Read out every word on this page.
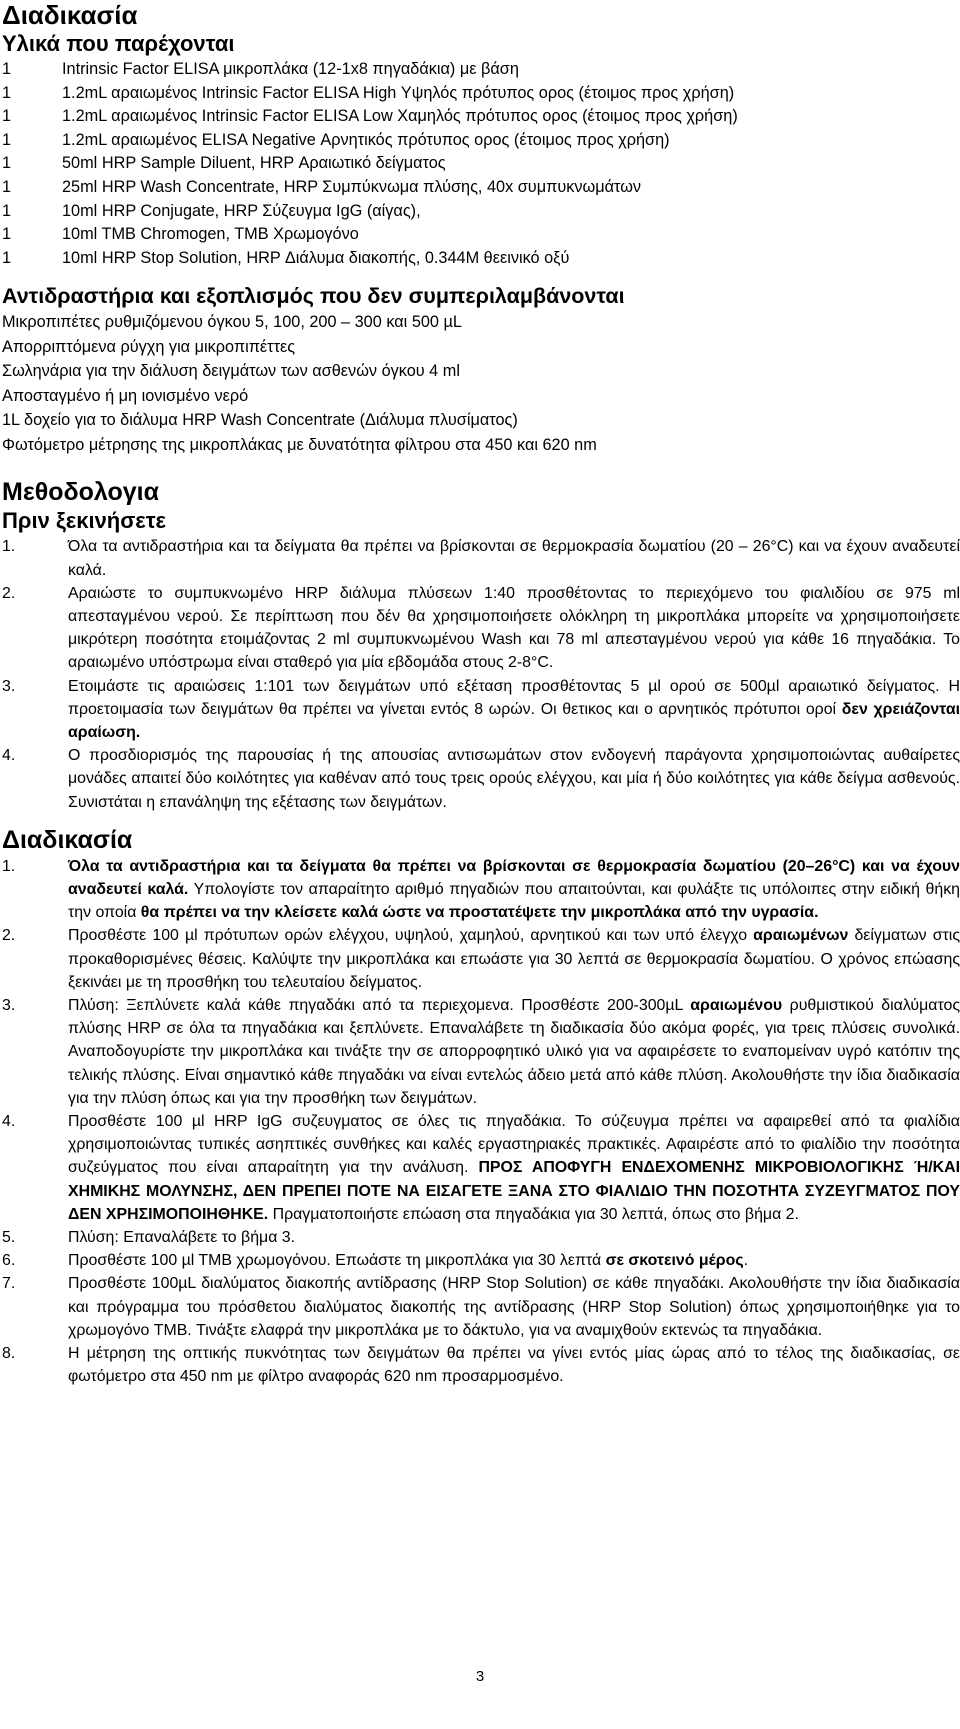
Διαδικασία
Υλικά που παρέχονται
1	Intrinsic Factor ELISA μικροπλάκα (12-1x8 πηγαδάκια) με βάση
1	1.2mL αραιωμένος Intrinsic Factor ELISA High Υψηλός πρότυπος ορος (έτοιμος προς χρήση)
1	1.2mL αραιωμένος Intrinsic Factor ELISA Low Χαμηλός πρότυπος ορος (έτοιμος προς χρήση)
1	1.2mL αραιωμένος ELISA Negative Αρνητικός πρότυπος ορος (έτοιμος προς χρήση)
1	50ml HRP Sample Diluent, HRP Αραιωτικό δείγματος
1	25ml HRP Wash Concentrate, HRP Συμπύκνωμα πλύσης, 40x συμπυκνωμάτων
1	10ml HRP Conjugate, HRP Σύζευγμα IgG (αίγας),
1	10ml TMB Chromogen, TMB Χρωμογόνο
1	10ml HRP Stop Solution, HRP Διάλυμα διακοπής, 0.344M θεεινικό οξύ
Αντιδραστήρια και εξοπλισμός που δεν συμπεριλαμβάνονται
Μικροπιπέτες ρυθμιζόμενου όγκου 5, 100, 200 – 300 και 500 µL
Απορριπτόμενα ρύγχη για μικροπιπέττες
Σωληνάρια για την διάλυση δειγμάτων των ασθενών όγκου 4 ml
Αποσταγμένο ή μη ιονισμένο νερό
1L δοχείο για το διάλυμα HRP Wash Concentrate (Διάλυμα πλυσίματος)
Φωτόμετρο μέτρησης της μικροπλάκας με δυνατότητα φίλτρου στα 450 και 620 nm
Μεθοδολογια
Πριν ξεκινήσετε
1.	Όλα τα αντιδραστήρια και τα δείγματα θα πρέπει να βρίσκονται σε θερμοκρασία δωματίου (20 – 26°C) και να έχουν αναδευτεί καλά.
2.	Αραιώστε το συμπυκνωμένο HRP διάλυμα πλύσεων 1:40 προσθέτοντας το περιεχόμενο του φιαλιδίου σε 975 ml απεσταγμένου νερού. Σε περίπτωση που δέν θα χρησιμοποιήσετε ολόκληρη τη μικροπλάκα μπορείτε να χρησιμοποιήσετε μικρότερη ποσότητα ετοιμάζοντας 2 ml συμπυκνωμένου Wash και 78 ml απεσταγμένου νερού για κάθε 16 πηγαδάκια. Το αραιωμένο υπόστρωμα είναι σταθερό για μία εβδομάδα στους 2-8°C.
3.	Ετοιμάστε τις αραιώσεις 1:101 των δειγμάτων υπό εξέταση προσθέτοντας 5 µl ορού σε 500µl αραιωτικό δείγματος. Η προετοιμασία των δειγμάτων θα πρέπει να γίνεται εντός 8 ωρών. Οι θετικος και ο αρνητικός πρότυποι οροί δεν χρειάζονται αραίωση.
4.	Ο προσδιορισμός της παρουσίας ή της απουσίας αντισωμάτων στον ενδογενή παράγοντα χρησιμοποιώντας αυθαίρετες μονάδες απαιτεί δύο κοιλότητες για καθέναν από τους τρεις ορούς ελέγχου, και μία ή δύο κοιλότητες για κάθε δείγμα ασθενούς. Συνιστάται η επανάληψη της εξέτασης των δειγμάτων.
Διαδικασία
1.	Όλα τα αντιδραστήρια και τα δείγματα θα πρέπει να βρίσκονται σε θερμοκρασία δωματίου (20–26°C) και να έχουν αναδευτεί καλά. Υπολογίστε τον απαραίτητο αριθμό πηγαδιών που απαιτούνται, και φυλάξτε τις υπόλοιπες στην ειδική θήκη την οποία θα πρέπει να την κλείσετε καλά ώστε να προστατέψετε την μικροπλάκα από την υγρασία.
2.	Προσθέστε 100 µl πρότυπων ορών ελέγχου, υψηλού, χαμηλού, αρνητικού και των υπό έλεγχο αραιωμένων δείγματων στις προκαθορισμένες θέσεις. Καλύψτε την μικροπλάκα και επωάστε για 30 λεπτά σε θερμοκρασία δωματίου. Ο χρόνος επώασης ξεκινάει με τη προσθήκη του τελευταίου δείγματος.
3.	Πλύση: Ξεπλύνετε καλά κάθε πηγαδάκι από τα περιεχομενα. Προσθέστε 200-300µL αραιωμένου ρυθμιστικού διαλύματος πλύσης HRP σε όλα τα πηγαδάκια και ξεπλύνετε. Επαναλάβετε τη διαδικασία δύο ακόμα φορές, για τρεις πλύσεις συνολικά. Αναποδογυρίστε την μικροπλάκα και τινάξτε την σε απορροφητικό υλικό για να αφαιρέσετε το εναπομείναν υγρό κατόπιν της τελικής πλύσης. Είναι σημαντικό κάθε πηγαδάκι να είναι εντελώς άδειο μετά από κάθε πλύση. Ακολουθήστε την ίδια διαδικασία για την πλύση όπως και για την προσθήκη των δειγμάτων.
4.	Προσθέστε 100 µl HRP IgG συζευγματος σε όλες τις πηγαδάκια. Το σύζευγμα πρέπει να αφαιρεθεί από τα φιαλίδια χρησιμοποιώντας τυπικές ασηπτικές συνθήκες και καλές εργαστηριακές πρακτικές. Αφαιρέστε από το φιαλίδιο την ποσότητα συζεύγματος που είναι απαραίτητη για την ανάλυση. ΠΡΟΣ ΑΠΟΦΥΓΗ ΕΝΔΕΧΟΜΕΝΗΣ ΜΙΚΡΟΒΙΟΛΟΓΙΚΗΣ Ή/ΚΑΙ ΧΗΜΙΚΗΣ ΜΟΛΥΝΣΗΣ, ΔΕΝ ΠΡΕΠΕΙ ΠΟΤΕ ΝΑ ΕΙΣΑΓΕΤΕ ΞΑΝΑ ΣΤΟ ΦΙΑΛΙΔΙΟ ΤΗΝ ΠΟΣΟΤΗΤΑ ΣΥΖΕΥΓΜΑΤΟΣ ΠΟΥ ΔΕΝ ΧΡΗΣΙΜΟΠΟΙΗΘΗΚΕ. Πραγματοποιήστε επώαση στα πηγαδάκια για 30 λεπτά, όπως στο βήμα 2.
5.	Πλύση: Επαναλάβετε το βήμα 3.
6.	Προσθέστε 100 µl TMB χρωμογόνου. Επωάστε τη μικροπλάκα για 30 λεπτά σε σκοτεινό μέρος.
7.	Προσθέστε 100µL διαλύματος διακοπής αντίδρασης (HRP Stop Solution) σε κάθε πηγαδάκι. Ακολουθήστε την ίδια διαδικασία και πρόγραμμα του πρόσθετου διαλύματος διακοπής της αντίδρασης (HRP Stop Solution) όπως χρησιμοποιήθηκε για το χρωμογόνο TMB. Τινάξτε ελαφρά την μικροπλάκα με το δάκτυλο, για να αναμιχθούν εκτενώς τα πηγαδάκια.
8.	Η μέτρηση της οπτικής πυκνότητας των δειγμάτων θα πρέπει να γίνει εντός μίας ώρας από το τέλος της διαδικασίας, σε φωτόμετρο στα 450 nm με φίλτρο αναφοράς 620 nm προσαρμοσμένο.
3
